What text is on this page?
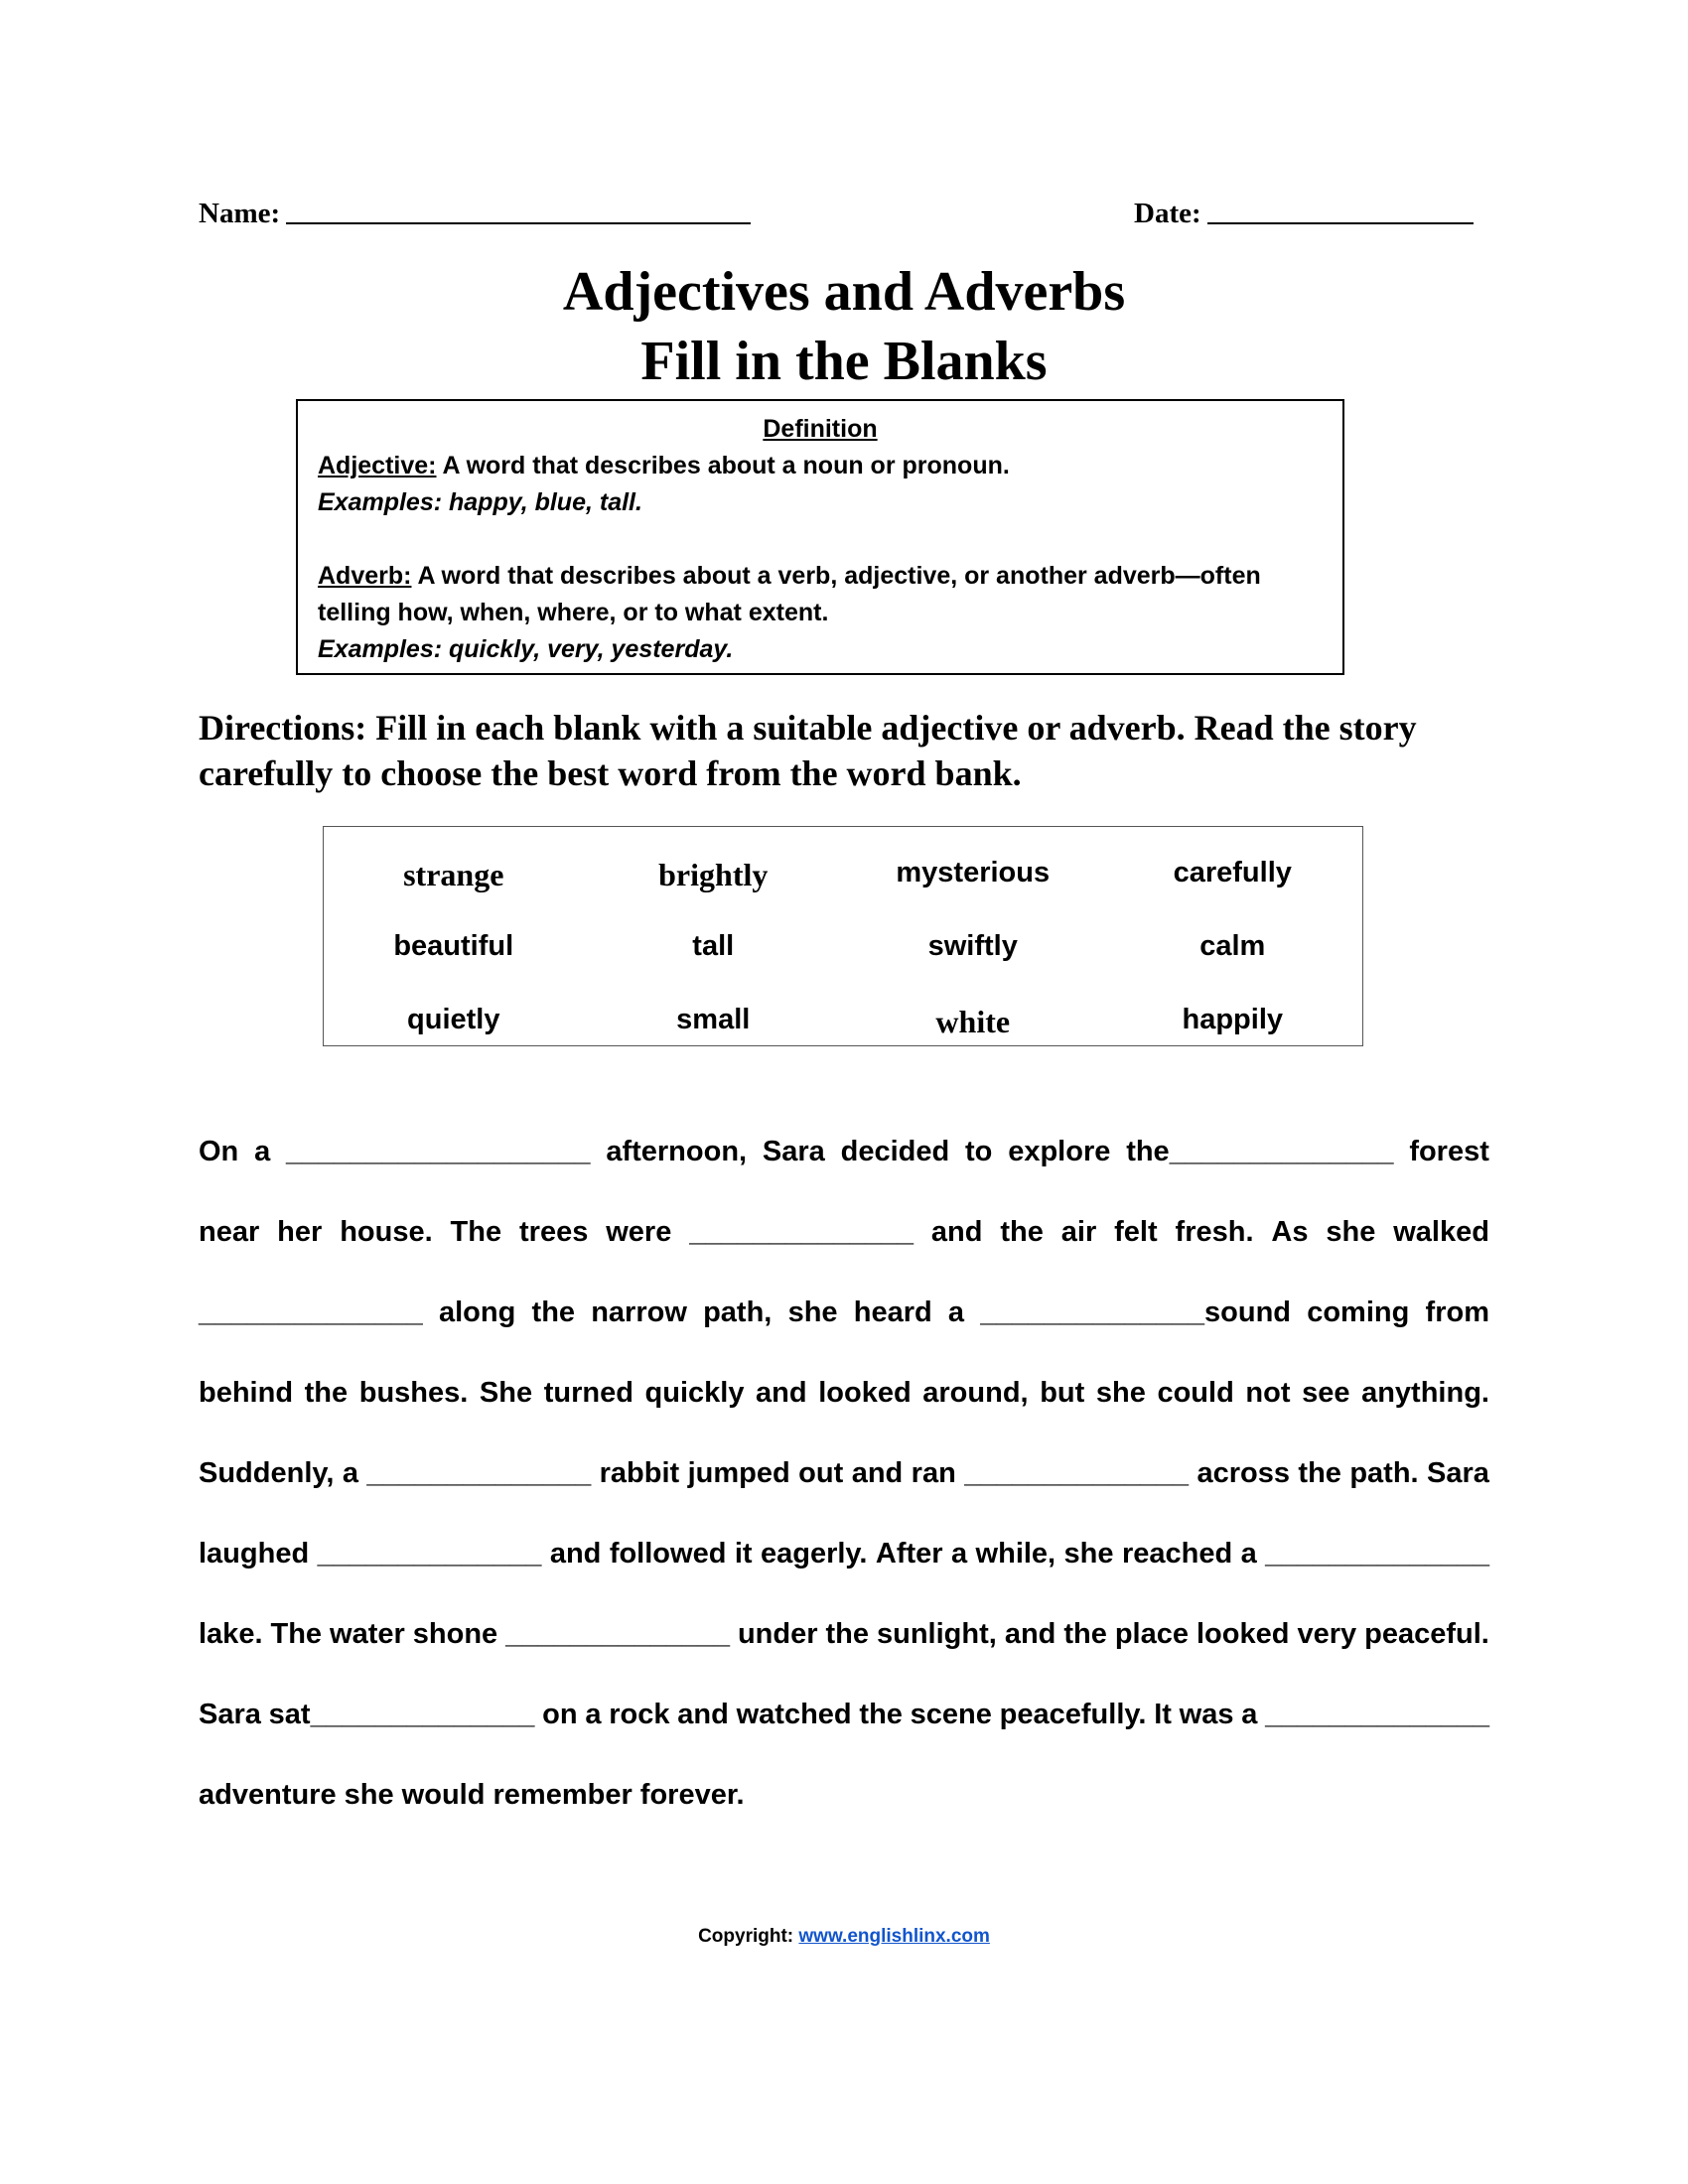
Name:	Date:
Adjectives and Adverbs
Fill in the Blanks
Definition
Adjective: A word that describes about a noun or pronoun.
Examples: happy, blue, tall.
Adverb: A word that describes about a verb, adjective, or another adverb—often
telling how, when, where, or to what extent.
Examples: quickly, very, yesterday.
Directions: Fill in each blank with a suitable adjective or adverb. Read the story carefully to choose the best word from the word bank.
strange	brightly	mysterious	carefully
beautiful	tall	swiftly	calm
quietly	small	white	happily
On a ___________________ afternoon, Sara decided to explore the______________ forest
near her house. The trees were ______________ and the air felt fresh. As she walked
______________ along the narrow path, she heard a ______________sound coming from
behind the bushes. She turned quickly and looked around, but she could not see anything.
Suddenly, a ______________ rabbit jumped out and ran ______________ across the path. Sara
laughed ______________ and followed it eagerly. After a while, she reached a ______________
lake. The water shone ______________ under the sunlight, and the place looked very peaceful.
Sara sat______________ on a rock and watched the scene peacefully. It was a ______________
adventure she would remember forever.
Copyright: www.englishlinx.com
